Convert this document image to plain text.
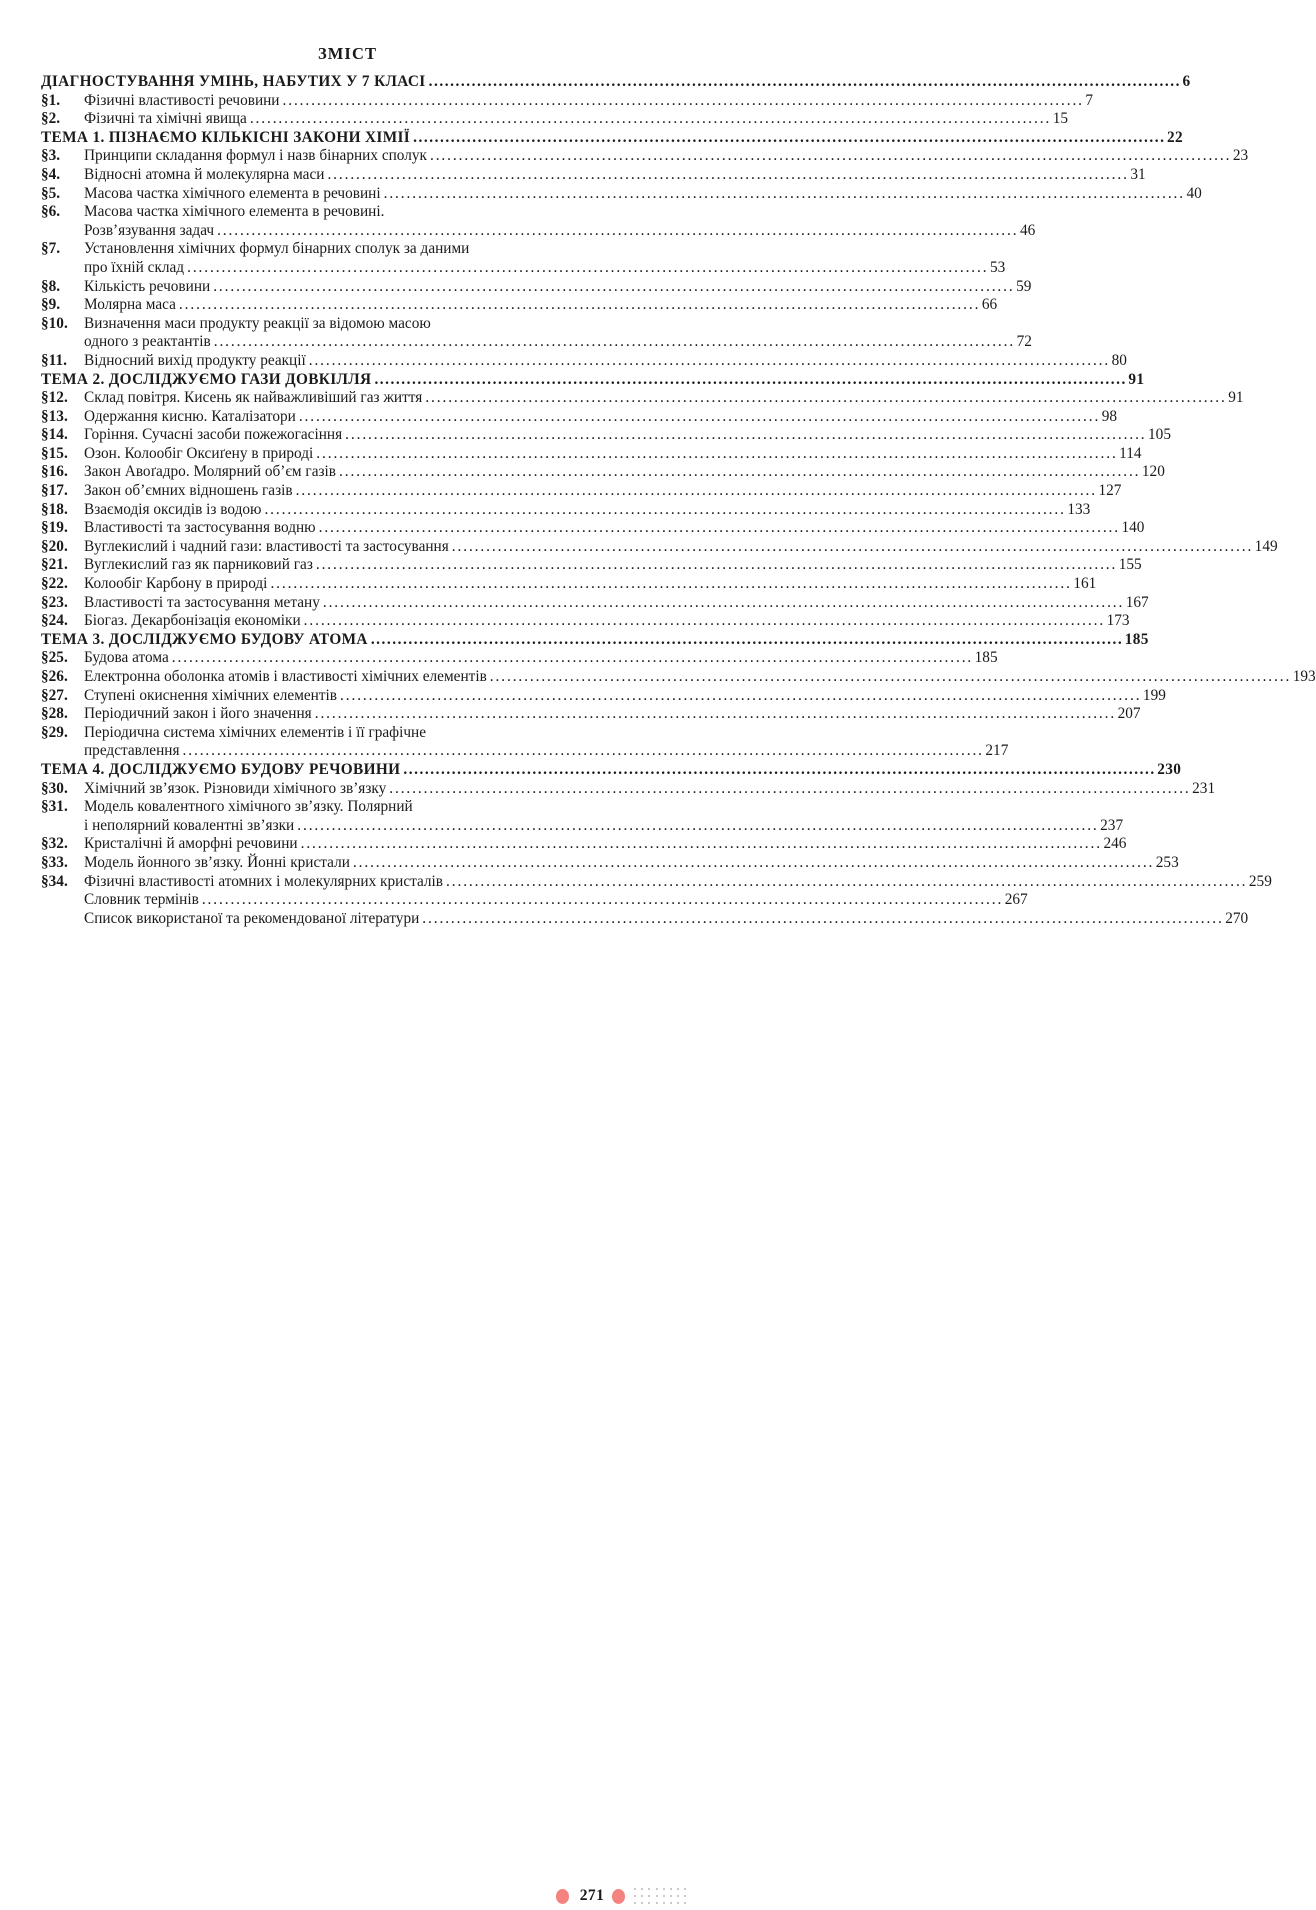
ЗМІСТ
ДІАГНОСТУВАННЯ УМІНЬ, НАБУТИХ У 7 КЛАСІ .....	6
§1.	Фізичні властивості речовини .....	7
§2.	Фізичні та хімічні явища .....	15
ТЕМА 1. ПІЗНАЄМО КІЛЬКІСНІ ЗАКОНИ ХІМІЇ .....	22
§3.	Принципи складання формул і назв бінарних сполук .....	23
§4.	Відносні атомна й молекулярна маси .....	31
§5.	Масова частка хімічного елемента в речовині .....	40
§6.	Масова частка хімічного елемента в речовині.
Розв’язування задач .....	46
§7.	Установлення хімічних формул бінарних сполук за даними
про їхній склад .....	53
§8.	Кількість речовини .....	59
§9.	Молярна маса .....	66
§10.	Визначення маси продукту реакції за відомою масою
одного з реактантів .....	72
§11.	Відносний вихід продукту реакції .....	80
ТЕМА 2. ДОСЛІДЖУЄМО ГАЗИ ДОВКІЛЛЯ .....	91
§12.	Склад повітря. Кисень як найважливіший газ життя .....	91
§13.	Одержання кисню. Каталізатори .....	98
§14.	Горіння. Сучасні засоби пожежогасіння .....	105
§15.	Озон. Колообіг Оксиґену в природі .....	114
§16.	Закон Авоґадро. Молярний об’єм газів .....	120
§17.	Закон об’ємних відношень газів .....	127
§18.	Взаємодія оксидів із водою .....	133
§19.	Властивості та застосування водню .....	140
§20.	Вуглекислий і чадний гази: властивості та застосування .....	149
§21.	Вуглекислий газ як парниковий газ .....	155
§22.	Колообіг Карбону в природі .....	161
§23.	Властивості та застосування метану .....	167
§24.	Біогаз. Декарбонізація економіки .....	173
ТЕМА 3. ДОСЛІДЖУЄМО БУДОВУ АТОМА .....	185
§25.	Будова атома .....	185
§26.	Електронна оболонка атомів і властивості хімічних елементів .....	193
§27.	Ступені окиснення хімічних елементів .....	199
§28.	Періодичний закон і його значення .....	207
§29.	Періодична система хімічних елементів і її графічне
представлення .....	217
ТЕМА 4. ДОСЛІДЖУЄМО БУДОВУ РЕЧОВИНИ .....	230
§30.	Хімічний зв’язок. Різновиди хімічного зв’язку .....	231
§31.	Модель ковалентного хімічного зв’язку. Полярний
і неполярний ковалентні зв’язки .....	237
§32.	Кристалічні й аморфні речовини .....	246
§33.	Модель йонного зв’язку. Йонні кристали .....	253
§34.	Фізичні властивості атомних і молекулярних кристалів .....	259
Словник термінів .....	267
Список використаної та рекомендованої літератури .....	270
271
